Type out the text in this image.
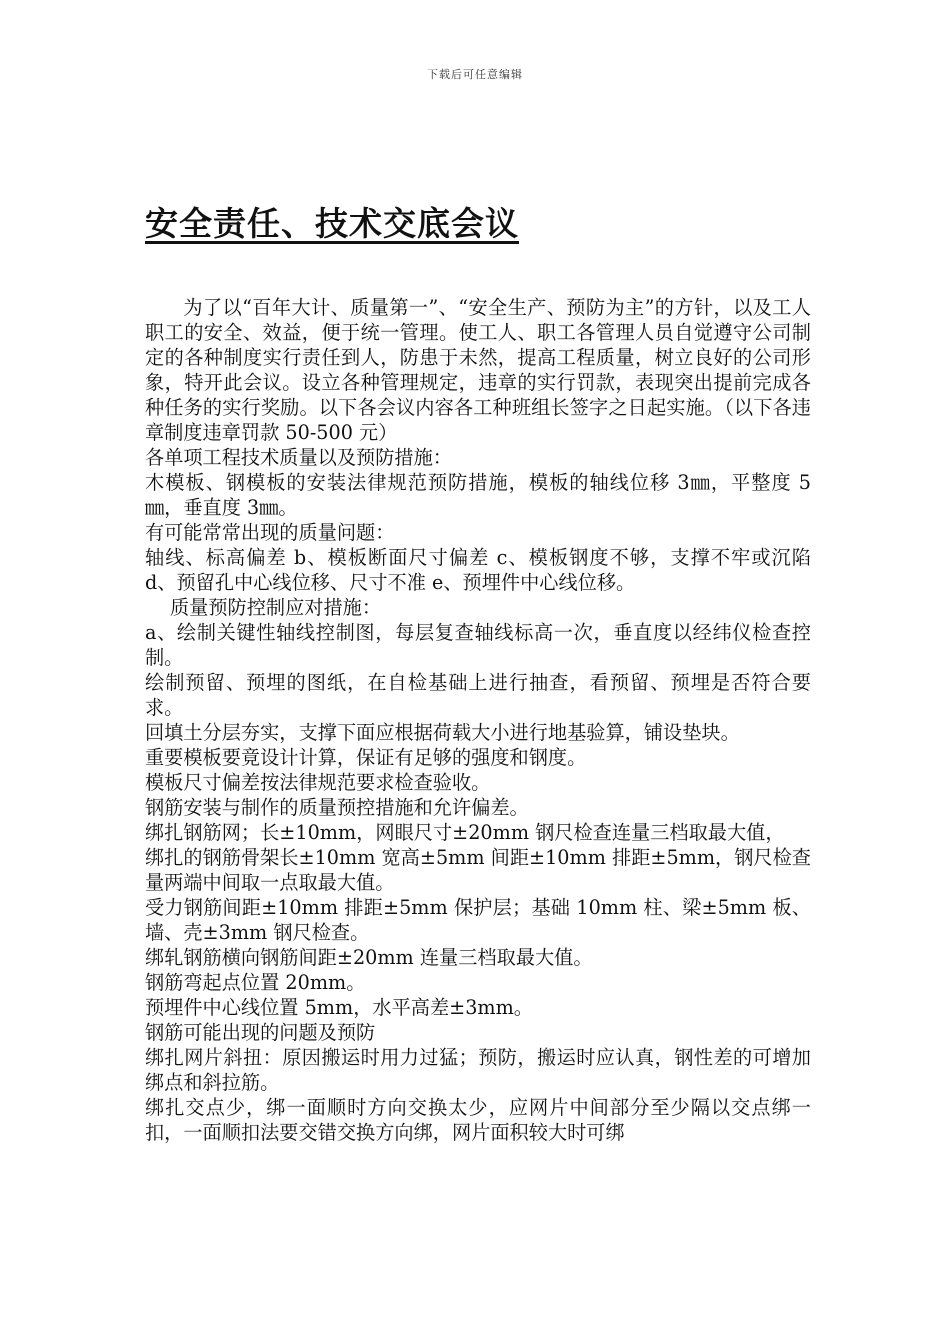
下载后可任意编辑
安全责任、技术交底会议

为了以“百年大计、质量第一”、“安全生产、预防为主”的方针，以及工人职工的安全、效益，便于统一管理。使工人、职工各管理人员自觉遵守公司制定的各种制度实行责任到人，防患于未然，提高工程质量，树立良好的公司形象，特开此会议。设立各种管理规定，违章的实行罚款，表现突出提前完成各种任务的实行奖励。以下各会议内容各工种班组长签字之日起实施。（以下各违章制度违章罚款 50-500 元）

各单项工程技术质量以及预防措施：

木模板、钢模板的安装法律规范预防措施，模板的轴线位移 3㎜，平整度 5㎜，垂直度 3㎜。

有可能常常出现的质量问题：

轴线、标高偏差 b、模板断面尺寸偏差 c、模板钢度不够，支撑不牢或沉陷 d、预留孔中心线位移、尺寸不准 e、预埋件中心线位移。

质量预防控制应对措施：

a、绘制关键性轴线控制图，每层复查轴线标高一次，垂直度以经纬仪检查控制。

绘制预留、预埋的图纸，在自检基础上进行抽查，看预留、预埋是否符合要求。

回填土分层夯实，支撑下面应根据荷载大小进行地基验算，铺设垫块。

重要模板要竟设计计算，保证有足够的强度和钢度。

模板尺寸偏差按法律规范要求检查验收。

钢筋安装与制作的质量预控措施和允许偏差。

绑扎钢筋网；长±10mm，网眼尺寸±20mm 钢尺检查连量三档取最大值，

绑扎的钢筋骨架长±10mm 宽高±5mm 间距±10mm 排距±5mm，钢尺检查量两端中间取一点取最大值。

受力钢筋间距±10mm 排距±5mm 保护层；基础 10mm 柱、梁±5mm 板、墙、壳±3mm 钢尺检查。

绑轧钢筋横向钢筋间距±20mm 连量三档取最大值。

钢筋弯起点位置 20mm。

预埋件中心线位置 5mm，水平高差±3mm。

钢筋可能出现的问题及预防

绑扎网片斜扭：原因搬运时用力过猛；预防，搬运时应认真，钢性差的可增加绑点和斜拉筋。

绑扎交点少，绑一面顺时方向交换太少，应网片中间部分至少隔以交点绑一扣，一面顺扣法要交错交换方向绑，网片面积较大时可绑
